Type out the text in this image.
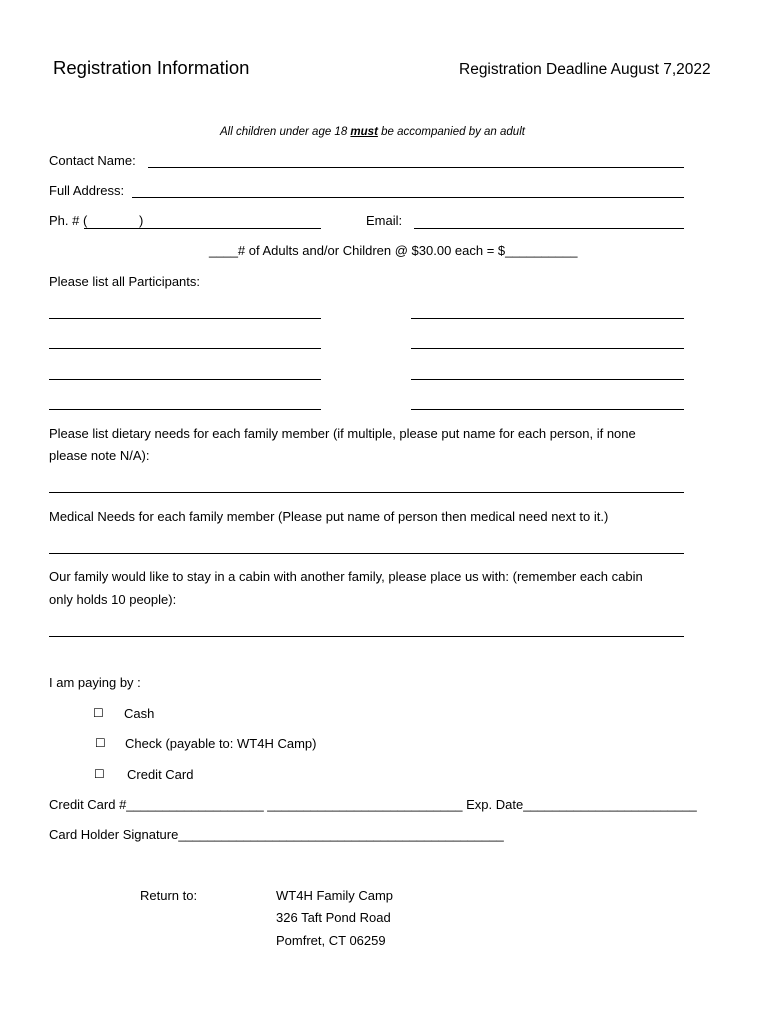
Registration Information	Registration Deadline August 7,2022
All children under age 18 must be accompanied by an adult
Contact Name:
Full Address:
Ph. # (	)	Email:
____# of Adults and/or Children @ $30.00 each = $__________
Please list all Participants:
Please list dietary needs for each family member (if multiple, please put name for each person, if none
please note N/A):
Medical Needs for each family member (Please put name of person then medical need next to it.)
Our family would like to stay in a cabin with another family, please place us with: (remember each cabin
only holds 10 people):
I am paying by :
☐ Cash
☐ Check (payable to: WT4H Camp)
☐ Credit Card
Credit Card #___________________ ___________________________ Exp. Date________________________
Card Holder Signature_____________________________________________
Return to:	WT4H Family Camp
326 Taft Pond Road
Pomfret, CT 06259
